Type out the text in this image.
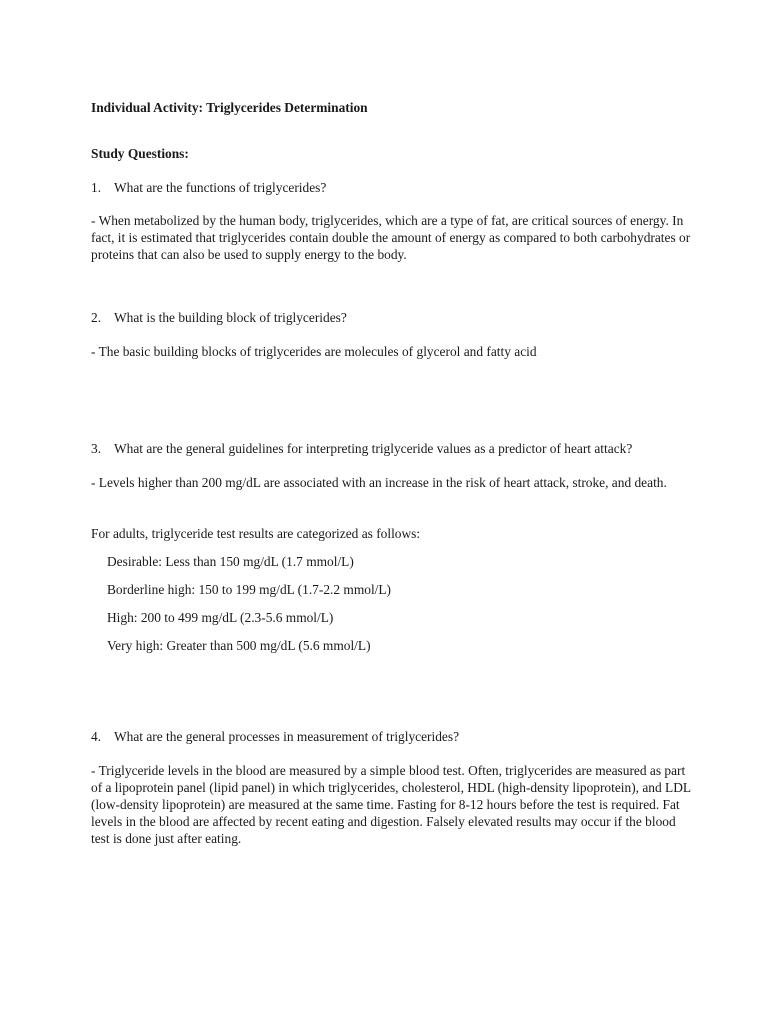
Individual Activity: Triglycerides Determination

Study Questions:

1. What are the functions of triglycerides?

- When metabolized by the human body, triglycerides, which are a type of fat, are critical sources of energy. In fact, it is estimated that triglycerides contain double the amount of energy as compared to both carbohydrates or proteins that can also be used to supply energy to the body.

2. What is the building block of triglycerides?

- The basic building blocks of triglycerides are molecules of glycerol and fatty acid

3. What are the general guidelines for interpreting triglyceride values as a predictor of heart attack?

- Levels higher than 200 mg/dL are associated with an increase in the risk of heart attack, stroke, and death.

For adults, triglyceride test results are categorized as follows:

Desirable: Less than 150 mg/dL (1.7 mmol/L)

Borderline high: 150 to 199 mg/dL (1.7-2.2 mmol/L)

High: 200 to 499 mg/dL (2.3-5.6 mmol/L)

Very high: Greater than 500 mg/dL (5.6 mmol/L)

4. What are the general processes in measurement of triglycerides?

- Triglyceride levels in the blood are measured by a simple blood test. Often, triglycerides are measured as part of a lipoprotein panel (lipid panel) in which triglycerides, cholesterol, HDL (high-density lipoprotein), and LDL (low-density lipoprotein) are measured at the same time. Fasting for 8-12 hours before the test is required. Fat levels in the blood are affected by recent eating and digestion. Falsely elevated results may occur if the blood test is done just after eating.
